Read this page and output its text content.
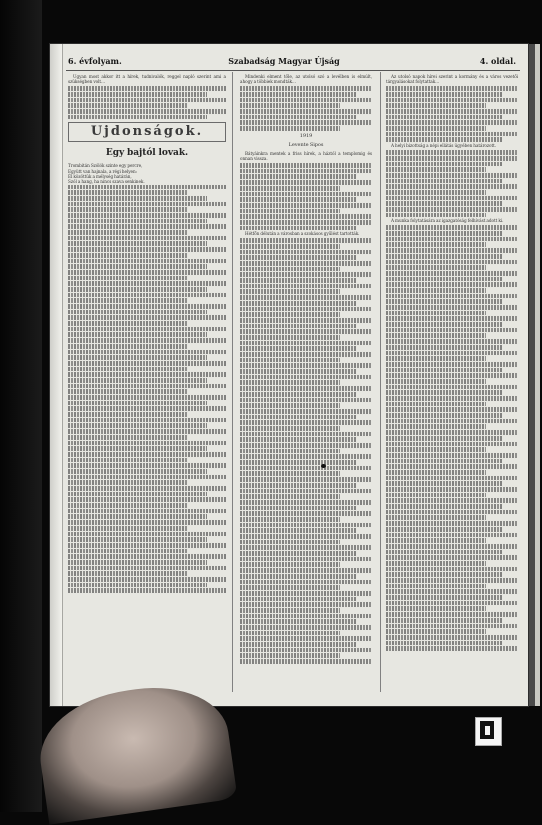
6. évfolyam.	Szabadság Magyar Újság	4. oldal.

Ugyan most akkor itt a hírek, tudnivalók, reggel napló szerint ami a szükségben volt...

Ujdonságok.
Egy bajtól lovak.

Trombitán Szólók szinte egy percre,

Együtt van hajnala, a régi helyen:

Él közöttük a mélység határán,

Szól a hang, ha nincs szava senkinek.

Mindenki elment tőle, az utolsó szó a levélben is elmúlt, ahogy a többiek mondták...

1919
Levente Sipos

Bátyáinkra mentek a friss hírek, a háztól a templomig és onnan vissza.

Hétfőn délután a városban a szokásos gyűlést tartották.

Az utolsó napok hírei szerint a kormány és a város vezetői tárgyalásokat folytattak...

A helyi bizottság a népi ellátás ügyében határozott.

A munka folytatására az igazgatóság felhívást adott ki.
